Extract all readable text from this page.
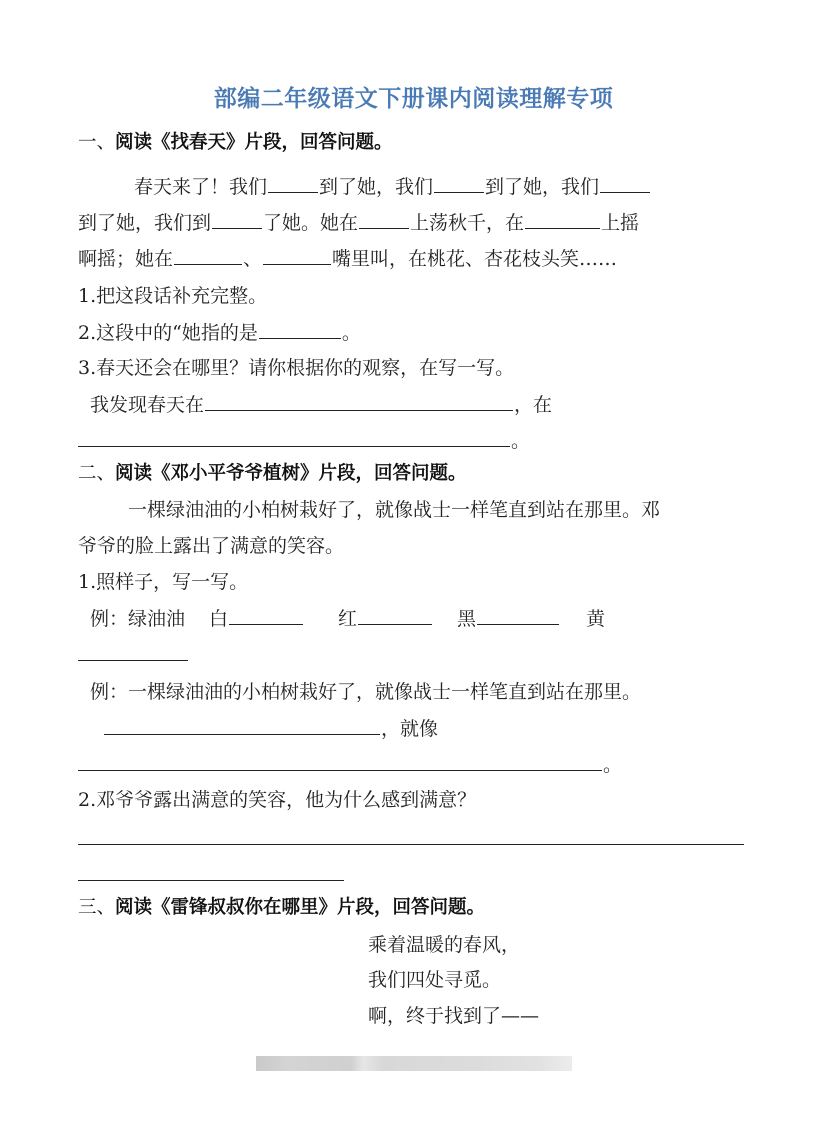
部编二年级语文下册课内阅读理解专项
一、阅读《找春天》片段，回答问题。
春天来了！我们	到了她，我们	到了她，我们
到了她，我们到	了她。她在	上荡秋千，在	上摇
啊摇；她在	、	嘴里叫，在桃花、杏花枝头笑……
1.把这段话补充完整。
2.这段中的“她指的是	。
3.春天还会在哪里？请你根据你的观察，在写一写。
我发现春天在	，在
。
二、阅读《邓小平爷爷植树》片段，回答问题。
一棵绿油油的小柏树栽好了，就像战士一样笔直到站在那里。邓
爷爷的脸上露出了满意的笑容。
1.照样子，写一写。
例：绿油油 白	红	黑	黄
例：一棵绿油油的小柏树栽好了，就像战士一样笔直到站在那里。
，就像
。
2.邓爷爷露出满意的笑容，他为什么感到满意？
三、阅读《雷锋叔叔你在哪里》片段，回答问题。
乘着温暖的春风，
我们四处寻觅。
啊，终于找到了——
